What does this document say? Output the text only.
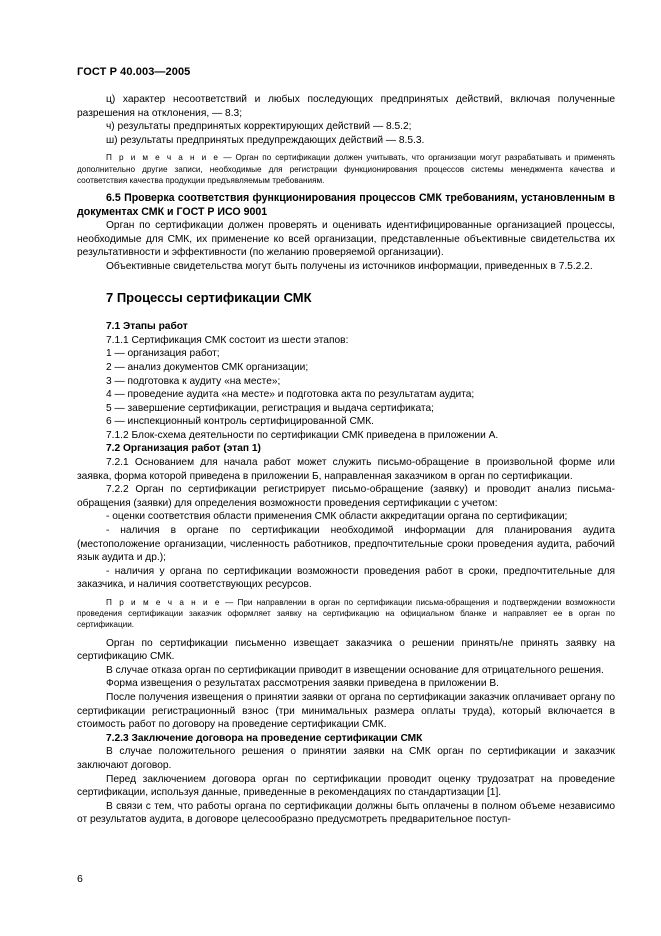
ГОСТ Р 40.003—2005

ц) характер несоответствий и любых последующих предпринятых действий, включая полученные разрешения на отклонения, — 8.3;

ч) результаты предпринятых корректирующих действий — 8.5.2;

ш) результаты предпринятых предупреждающих действий — 8.5.3.

П р и м е ч а н и е — Орган по сертификации должен учитывать, что организации могут разрабатывать и применять дополнительно другие записи, необходимые для регистрации функционирования процессов системы менеджмента качества и соответствия качества продукции предъявляемым требованиям.

6.5 Проверка соответствия функционирования процессов СМК требованиям, установленным в документах СМК и ГОСТ Р ИСО 9001

Орган по сертификации должен проверять и оценивать идентифицированные организацией процессы, необходимые для СМК, их применение ко всей организации, представленные объективные свидетельства их результативности и эффективности (по желанию проверяемой организации).

Объективные свидетельства могут быть получены из источников информации, приведенных в 7.5.2.2.

7 Процессы сертификации СМК

7.1 Этапы работ

7.1.1 Сертификация СМК состоит из шести этапов:

1 — организация работ;

2 — анализ документов СМК организации;

3 — подготовка к аудиту «на месте»;

4 — проведение аудита «на месте» и подготовка акта по результатам аудита;

5 — завершение сертификации, регистрация и выдача сертификата;

6 — инспекционный контроль сертифицированной СМК.

7.1.2 Блок-схема деятельности по сертификации СМК приведена в приложении А.

7.2 Организация работ (этап 1)

7.2.1 Основанием для начала работ может служить письмо-обращение в произвольной форме или заявка, форма которой приведена в приложении Б, направленная заказчиком в орган по сертификации.

7.2.2 Орган по сертификации регистрирует письмо-обращение (заявку) и проводит анализ письма-обращения (заявки) для определения возможности проведения сертификации с учетом:

- оценки соответствия области применения СМК области аккредитации органа по сертификации;

- наличия в органе по сертификации необходимой информации для планирования аудита (местоположение организации, численность работников, предпочтительные сроки проведения аудита, рабочий язык аудита и др.);

- наличия у органа по сертификации возможности проведения работ в сроки, предпочтительные для заказчика, и наличия соответствующих ресурсов.

П р и м е ч а н и е — При направлении в орган по сертификации письма-обращения и подтверждении возможности проведения сертификации заказчик оформляет заявку на сертификацию на официальном бланке и направляет ее в орган по сертификации.

Орган по сертификации письменно извещает заказчика о решении принять/не принять заявку на сертификацию СМК.

В случае отказа орган по сертификации приводит в извещении основание для отрицательного решения.

Форма извещения о результатах рассмотрения заявки приведена в приложении В.

После получения извещения о принятии заявки от органа по сертификации заказчик оплачивает органу по сертификации регистрационный взнос (три минимальных размера оплаты труда), который включается в стоимость работ по договору на проведение сертификации СМК.

7.2.3 Заключение договора на проведение сертификации СМК

В случае положительного решения о принятии заявки на СМК орган по сертификации и заказчик заключают договор.

Перед заключением договора орган по сертификации проводит оценку трудозатрат на проведение сертификации, используя данные, приведенные в рекомендациях по стандартизации [1].

В связи с тем, что работы органа по сертификации должны быть оплачены в полном объеме независимо от результатов аудита, в договоре целесообразно предусмотреть предварительное поступ-

6
